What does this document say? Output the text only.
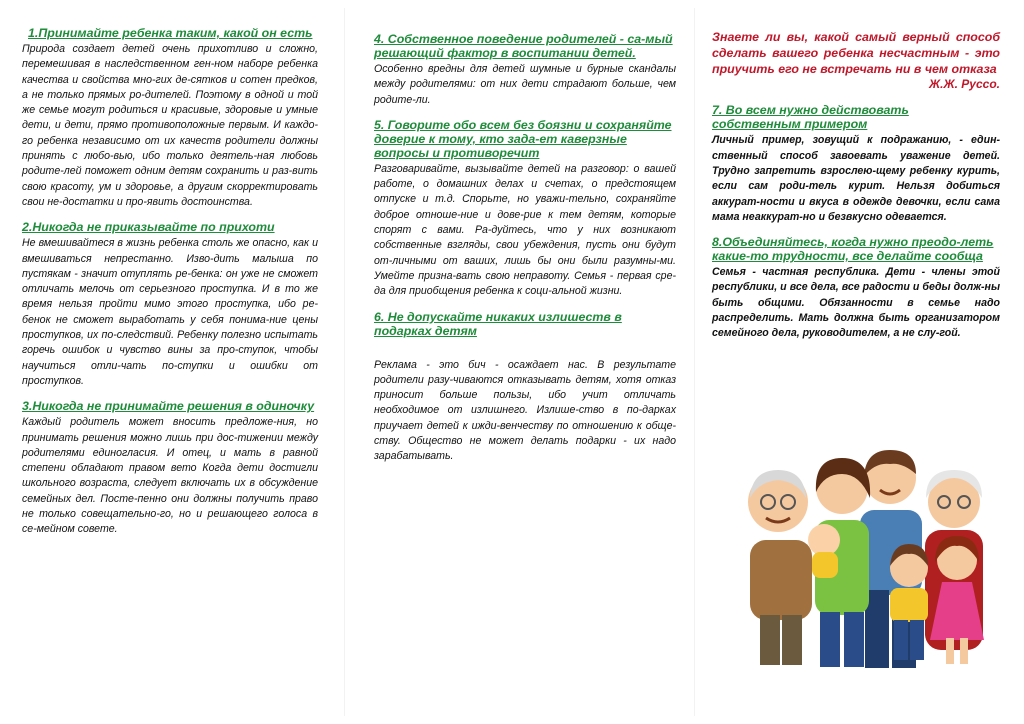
1.Принимайте ребенка таким, какой он есть

Природа создает детей очень прихотливо и сложно, перемешивая в наследственном ген-ном наборе ребенка качества и свойства мно-гих де-сятков и сотен предков, а не только прямых ро-дителей. Поэтому в одной и той же семье могут родиться и красивые, здоровые и умные дети, и дети, прямо противоположные первым. И каждо-го ребенка независимо от их качеств родители должны принять с любо-вью, ибо только деятель-ная любовь родите-лей поможет одним детям сохранить и раз-вить свою красоту, ум и здоровье, а другим скорректировать свои не-достатки и про-явить достоинства.

2.Никогда не приказывайте по прихоти

Не вмешивайтеся в жизнь ребенка столь же опасно, как и вмешиваться непрестанно. Изво-дить малыша по пустякам - значит отуплять ре-бенка: он уже не сможет отличать мелочь от серьезного проступка. И в то же время нельзя пройти мимо этого проступка, ибо ре-бенок не сможет выработать у себя понима-ние цены проступков, их по-следствий. Ребенку полезно испытать горечь ошибок и чувство вины за про-ступок, чтобы научиться отли-чать по-ступки и ошибки от проступков.

3.Никогда не принимайте решения в одиночку

Каждый родитель может вносить предложе-ния, но принимать решения можно лишь при дос-тижении между родителями единогласия. И отец, и мать в равной степени обладают правом вето Когда дети достигли школьного возраста, следует включать их в обсуждение семейных дел. Посте-пенно они должны получить право не только совещательно-го, но и решающего голоса в се-мейном совете.

4. Собственное поведение родителей - са-мый решающий фактор в воспитании детей.

Особенно вредны для детей шумные и бурные скандалы между родителями: от них дети страдают больше, чем родите-ли.

5. Говорите обо всем без боязни и сохраняйте доверие к тому, кто зада-ет каверзные вопросы и противоречит

Разговаривайте, вызывайте детей на разговор: о вашей работе, о домашних делах и счетах, о предстоящем отпуске и т.д. Спорьте, но уважи-тельно, сохраняйте доброе отноше-ние и дове-рие к тем детям, которые спорят с вами. Ра-дуйтесь, что у них возникают собственные взгляды, свои убеждения, пусть они будут от-личными от ваших, лишь бы они были разумны-ми. Умейте призна-вать свою неправоту. Семья - первая сре-да для приобщения ребенка к соци-альной жизни.

6. Не допускайте никаких излишеств в подарках детям

Реклама - это бич - осаждает нас. В результате родители разу-чиваются отказывать детям, хотя отказ приносит больше пользы, ибо учит отличать необходимое от излишнего. Излише-ство в по-дарках приучает детей к ижди-венчеству по отношению к обще-ству. Общество не может делать подарки - их надо зарабатывать.

Знаете ли вы, какой самый верный способ сделать вашего ребенка несчастным - это приучить его не встречать ни в чем отказа

Ж.Ж. Руссо.

7. Во всем нужно действовать собственным примером

Личный пример, зовущий к подражанию, - един-ственный способ завоевать уважение детей. Трудно запретить взрослею-щему ребенку курить, если сам роди-тель курит. Нельзя добиться аккурат-ности и вкуса в одежде девочки, если сама мама неаккурат-но и безвкусно одевается.

8.Объединяйтесь, когда нужно преодо-леть какие-то трудности, все делайте сообща

Семья - частная республика. Дети - члены этой республики, и все дела, все радости и беды долж-ны быть общими. Обязанности в семье надо распределить. Мать должна быть организатором семейного дела, руководителем, а не слу-гой.
